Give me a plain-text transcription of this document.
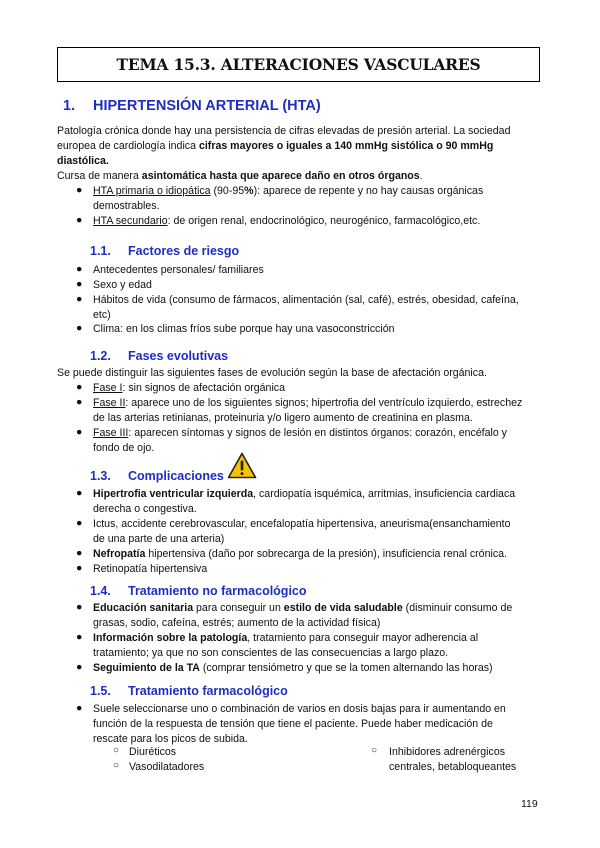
TEMA 15.3. ALTERACIONES VASCULARES
1. HIPERTENSIÓN ARTERIAL (HTA)
Patología crónica donde hay una persistencia de cifras elevadas de presión arterial. La sociedad
europea de cardiología indica cifras mayores o iguales a 140 mmHg sistólica o 90 mmHg
diastólica.
Cursa de manera asintomática hasta que aparece daño en otros órganos.
● HTA primaria o idiopática (90-95%): aparece de repente y no hay causas orgánicas
demostrables.
● HTA secundario: de origen renal, endocrinológico, neurogénico, farmacológico,etc.
1.1. Factores de riesgo
● Antecedentes personales/ familiares
● Sexo y edad
● Hábitos de vida (consumo de fármacos, alimentación (sal, café), estrés, obesidad, cafeína,
etc)
● Clima: en los climas fríos sube porque hay una vasoconstricción
1.2. Fases evolutivas
Se puede distinguir las siguientes fases de evolución según la base de afectación orgánica.
● Fase I: sin signos de afectación orgánica
● Fase II: aparece uno de los siguientes signos; hipertrofia del ventrículo izquierdo, estrechez
de las arterias retinianas, proteinuria y/o ligero aumento de creatinina en plasma.
● Fase III: aparecen síntomas y signos de lesión en distintos órganos: corazón, encéfalo y
fondo de ojo.
1.3. Complicaciones
● Hipertrofia ventricular izquierda, cardiopatía isquémica, arritmias, insuficiencia cardiaca
derecha o congestiva.
● Ictus, accidente cerebrovascular, encefalopatía hipertensiva, aneurisma(ensanchamiento
de una parte de una arteria)
● Nefropatía hipertensiva (daño por sobrecarga de la presión), insuficiencia renal crónica.
● Retinopatía hipertensiva
1.4. Tratamiento no farmacológico
● Educación sanitaria para conseguir un estilo de vida saludable (disminuir consumo de
grasas, sodio, cafeína, estrés; aumento de la actividad física)
● Información sobre la patología, tratamiento para conseguir mayor adherencia al
tratamiento; ya que no son conscientes de las consecuencias a largo plazo.
● Seguimiento de la TA (comprar tensiómetro y que se la tomen alternando las horas)
1.5. Tratamiento farmacológico
● Suele seleccionarse uno o combinación de varios en dosis bajas para ir aumentando en
función de la respuesta de tensión que tiene el paciente. Puede haber medicación de
rescate para los picos de subida.
○ Diuréticos
○ Vasodilatadores
○ Inhibidores adrenérgicos
centrales, betabloqueantes
119
